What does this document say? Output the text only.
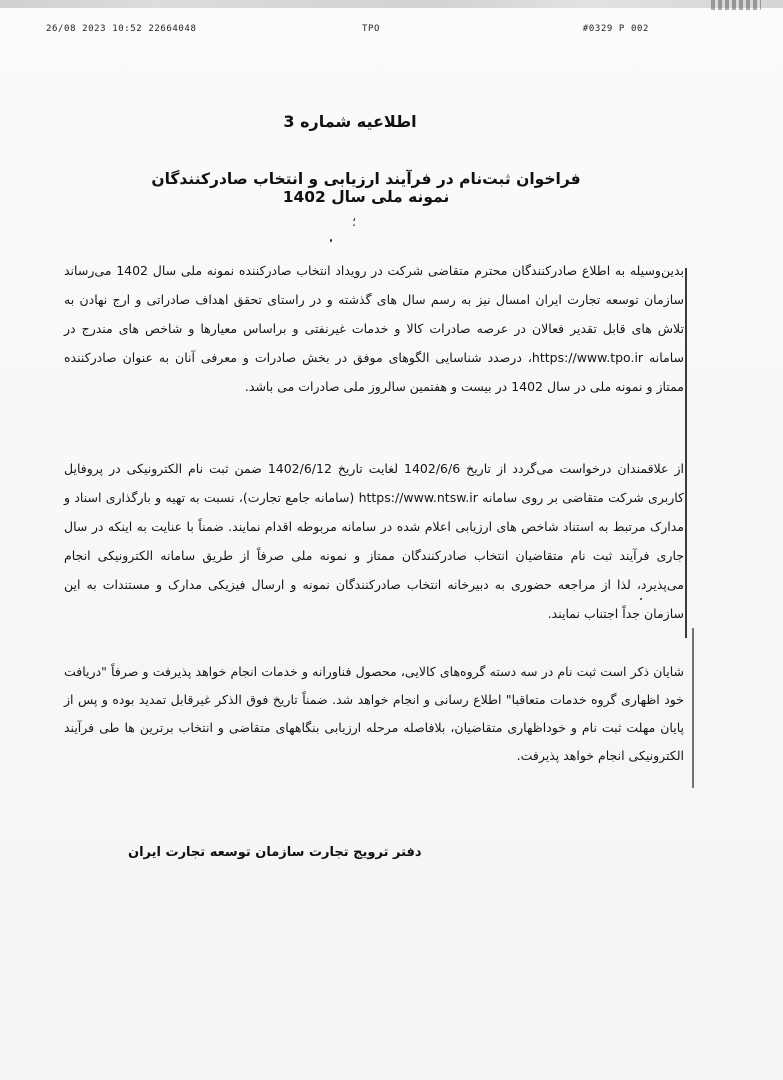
26/08 2023 10:52 22664048	TPO	#0329 P 002
اطلاعیه شماره 3
فراخوان ثبت‌نام در فرآیند ارزیابی و انتخاب صادرکنندگان نمونه ملی سال 1402
؛

بدین‌وسیله به اطلاع صادرکنندگان محترم متقاضی شرکت در رویداد انتخاب صادرکننده نمونه ملی سال 1402 می‌رساند سازمان توسعه تجارت ایران امسال نیز به رسم سال های گذشته و در راستای تحقق اهداف صادراتی و ارج نهادن به تلاش های قابل تقدیر فعالان در عرصه صادرات کالا و خدمات غیرنفتی و براساس معیارها و شاخص های مندرج در سامانه https://www.tpo.ir، درصدد شناسایی الگوهای موفق در بخش صادرات و معرفی آنان به عنوان صادرکننده ممتاز و نمونه ملی در سال 1402 در بیست و هفتمین سالروز ملی صادرات می باشد.

از علاقمندان درخواست می‌گردد از تاریخ 1402/6/6 لغایت تاریخ 1402/6/12 ضمن ثبت نام الکترونیکی در پروفایل کاربری شرکت متقاضی بر روی سامانه https://www.ntsw.ir (سامانه جامع تجارت)، نسبت به تهیه و بارگذاری اسناد و مدارک مرتبط به استناد شاخص های ارزیابی اعلام شده در سامانه مربوطه اقدام نمایند. ضمناً با عنایت به اینکه در سال جاری فرآیند ثبت نام متقاضیان انتخاب صادرکنندگان ممتاز و نمونه ملی صرفاً از طریق سامانه الکترونیکی انجام می‌پذیرد، لذا از مراجعه حضوری به دبیرخانه انتخاب صادرکنندگان نمونه و ارسال فیزیکی مدارک و مستندات به این سازمان جداً اجتناب نمایند.

شایان ذکر است ثبت نام در سه دسته گروه‌های کالایی، محصول فناورانه و خدمات انجام خواهد پذیرفت و صرفاً "دریافت خود اظهاری گروه خدمات متعاقبا" اطلاع رسانی و انجام خواهد شد. ضمناً تاریخ فوق الذکر غیرقابل تمدید بوده و پس از پایان مهلت ثبت نام و خوداظهاری متقاضیان، بلافاصله مرحله ارزیابی بنگاههای متقاضی و انتخاب برترین ها طی فرآیند الکترونیکی انجام خواهد پذیرفت.

دفتر ترویج تجارت سازمان توسعه تجارت ایران
